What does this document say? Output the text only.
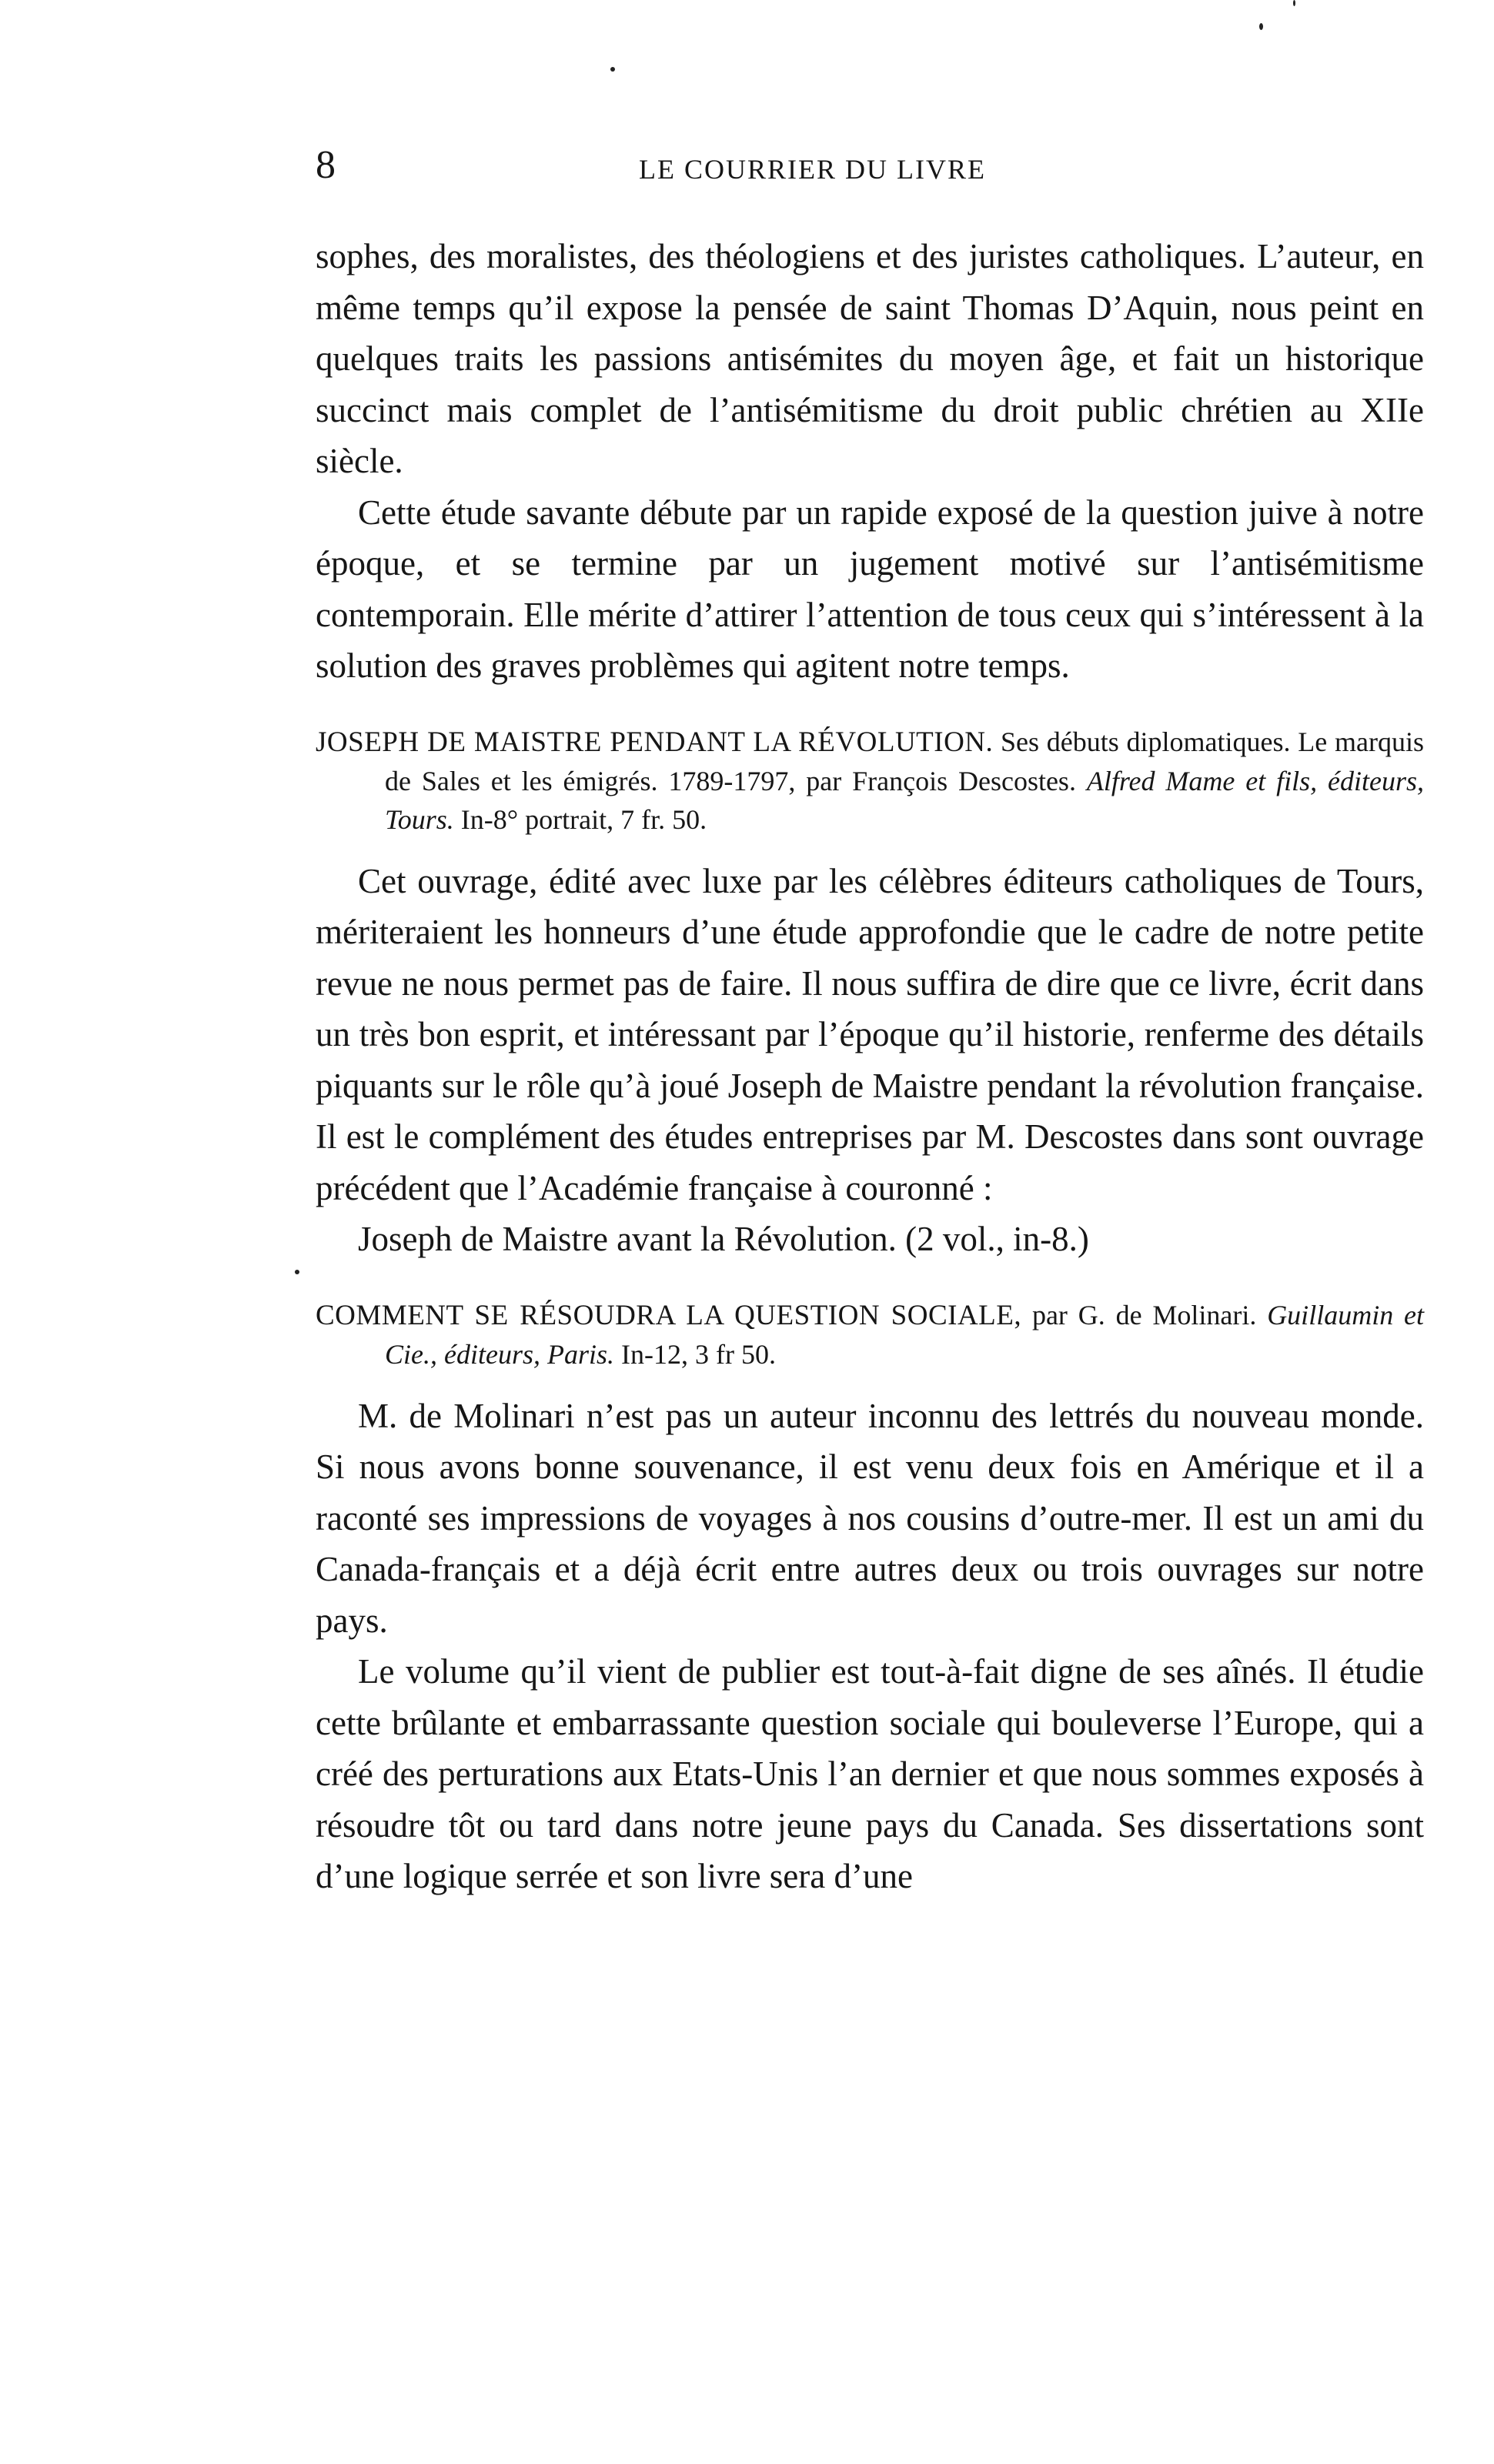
8	LE COURRIER DU LIVRE

sophes, des moralistes, des théologiens et des juristes catholiques. L’auteur, en même temps qu’il expose la pensée de saint Thomas D’Aquin, nous peint en quelques traits les passions antisémites du moyen âge, et fait un historique succinct mais complet de l’antisémitisme du droit public chrétien au XIIe siècle.

Cette étude savante débute par un rapide exposé de la question juive à notre époque, et se termine par un jugement motivé sur l’antisémitisme contemporain. Elle mérite d’attirer l’attention de tous ceux qui s’intéressent à la solution des graves problèmes qui agitent notre temps.

JOSEPH DE MAISTRE PENDANT LA RÉVOLUTION. Ses débuts diplomatiques. Le marquis de Sales et les émigrés. 1789-1797, par François Descostes. Alfred Mame et fils, éditeurs, Tours. In-8° portrait, 7 fr. 50.

Cet ouvrage, édité avec luxe par les célèbres éditeurs catholiques de Tours, mériteraient les honneurs d’une étude approfondie que le cadre de notre petite revue ne nous permet pas de faire. Il nous suffira de dire que ce livre, écrit dans un très bon esprit, et intéressant par l’époque qu’il historie, renferme des détails piquants sur le rôle qu’à joué Joseph de Maistre pendant la révolution française. Il est le complément des études entreprises par M. Descostes dans sont ouvrage précédent que l’Académie française à couronné :
Joseph de Maistre avant la Révolution. (2 vol., in-8.)

COMMENT SE RÉSOUDRA LA QUESTION SOCIALE, par G. de Molinari. Guillaumin et Cie., éditeurs, Paris. In-12, 3 fr 50.

M. de Molinari n’est pas un auteur inconnu des lettrés du nouveau monde. Si nous avons bonne souvenance, il est venu deux fois en Amérique et il a raconté ses impressions de voyages à nos cousins d’outre-mer. Il est un ami du Canada-français et a déjà écrit entre autres deux ou trois ouvrages sur notre pays.

Le volume qu’il vient de publier est tout-à-fait digne de ses aînés. Il étudie cette brûlante et embarrassante question sociale qui bouleverse l’Europe, qui a créé des perturations aux Etats-Unis l’an dernier et que nous sommes exposés à résoudre tôt ou tard dans notre jeune pays du Canada. Ses dissertations sont d’une logique serrée et son livre sera d’une
